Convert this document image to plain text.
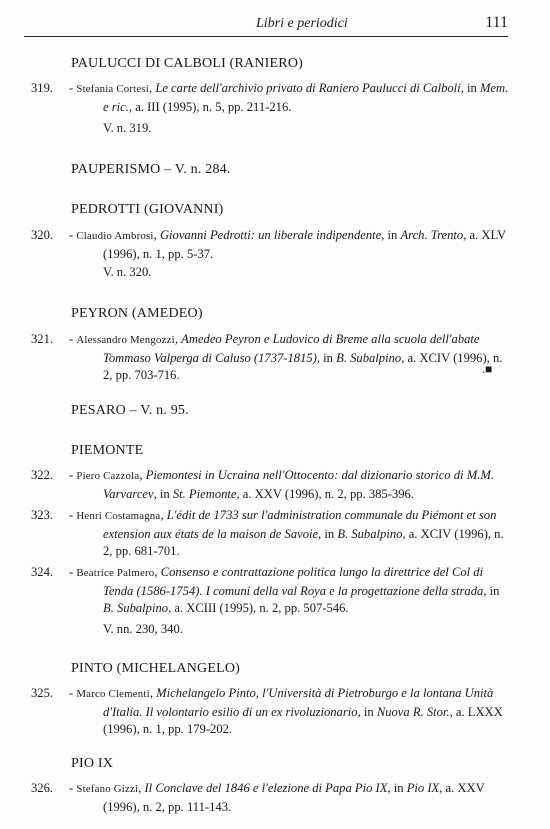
Libri e periodici	111
PAULUCCI DI CALBOLI (RANIERO)
319.	- Stefania Cortesi, Le carte dell'archivio privato di Raniero Paulucci di Calboli, in Mem. e ric., a. III (1995), n. 5, pp. 211-216.
V. n. 319.
PAUPERISMO – V. n. 284.
PEDROTTI (GIOVANNI)
320.	- Claudio Ambrosi, Giovanni Pedrotti: un liberale indipendente, in Arch. Trento, a. XLV (1996), n. 1, pp. 5-37.
V. n. 320.
PEYRON (AMEDEO)
321.	- Alessandro Mengozzi, Amedeo Peyron e Ludovico di Breme alla scuola dell'abate Tommaso Valperga di Caluso (1737-1815), in B. Subalpino, a. XCIV (1996), n. 2, pp. 703-716.	.■
PESARO – V. n. 95.
PIEMONTE
322.	- Piero Cazzola, Piemontesi in Ucraina nell'Ottocento: dal dizionario storico di M.M. Varvarcev, in St. Piemonte, a. XXV (1996), n. 2, pp. 385-396.
323.	- Henri Costamagna, L'édit de 1733 sur l'administration communale du Piémont et son extension aux états de la maison de Savoie, in B. Subalpino, a. XCIV (1996), n. 2, pp. 681-701.
324.	- Beatrice Palmero, Consenso e contrattazione politica lungo la direttrice del Col di Tenda (1586-1754). I comuni della val Roya e la progettazione della strada, in B. Subalpino, a. XCIII (1995), n. 2, pp. 507-546.
V. nn. 230, 340.
PINTO (MICHELANGELO)
325.	- Marco Clementi, Michelangelo Pinto, l'Università di Pietroburgo e la lontana Unità d'Italia. Il volontario esilio di un ex rivoluzionario, in Nuova R. Stor., a. LXXX (1996), n. 1, pp. 179-202.
PIO IX
326.	- Stefano Gizzi, Il Conclave del 1846 e l'elezione di Papa Pio IX, in Pio IX, a. XXV (1996), n. 2, pp. 111-143.
